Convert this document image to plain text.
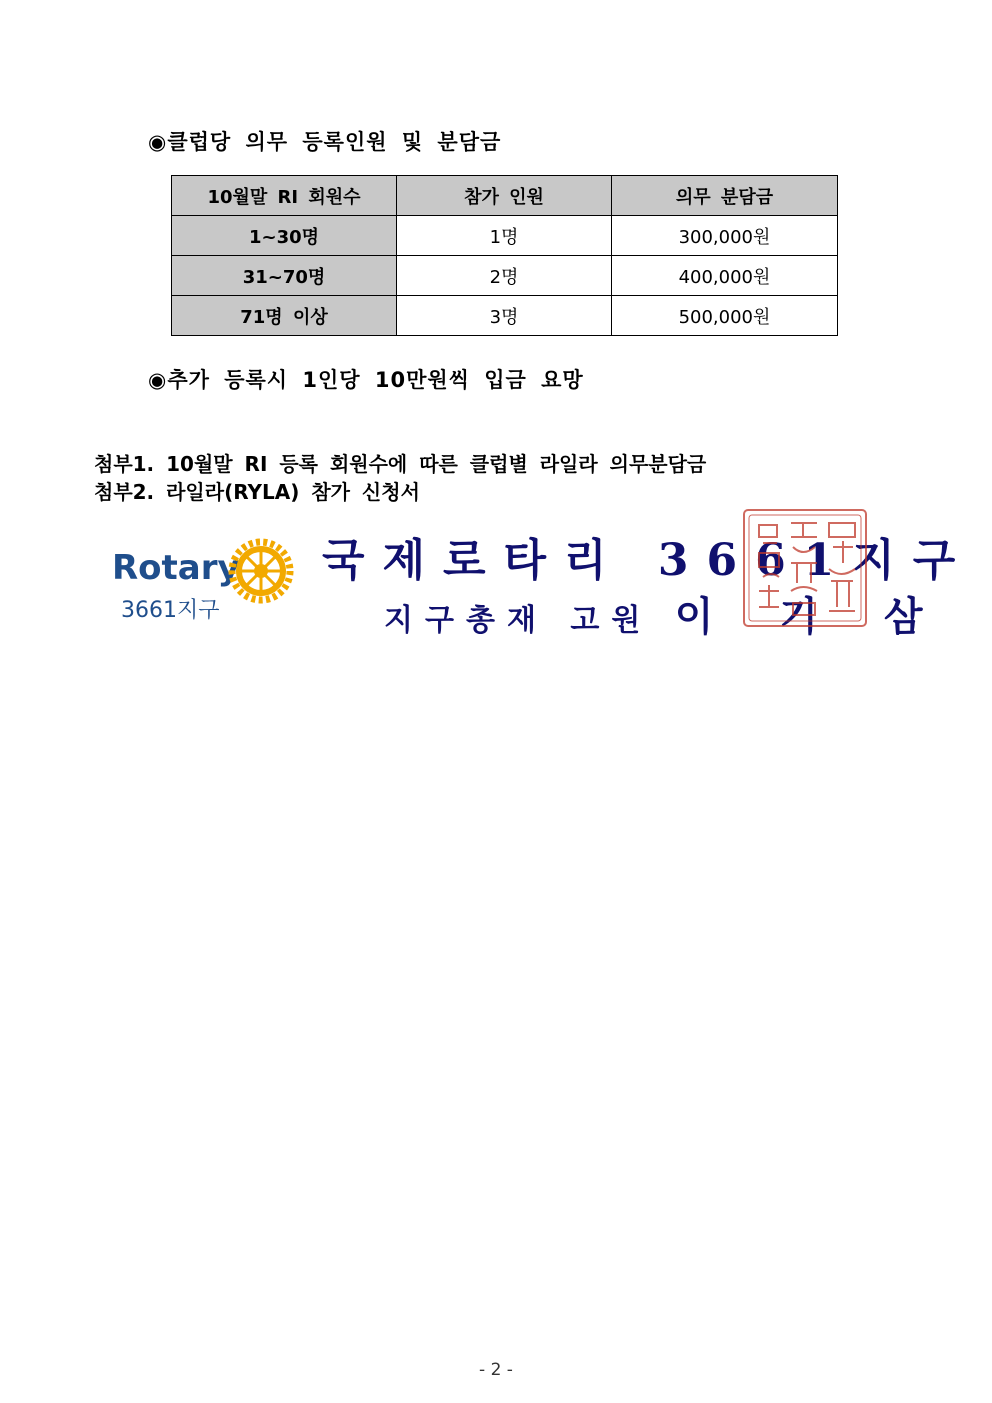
◉클럽당 의무 등록인원 및 분담금
10월말 RI 회원수	참가 인원	의무 분담금
1~30명	1명	300,000원
31~70명	2명	400,000원
71명 이상	3명	500,000원
◉추가 등록시 1인당 10만원씩 입금 요망
첨부1. 10월말 RI 등록 회원수에 따른 클럽별 라일라 의무분담금
첨부2. 라일라(RYLA) 참가 신청서
Rotary
3661지구
국제로타리 3661지구
지구총재 고원 이 기 삼
- 2 -
